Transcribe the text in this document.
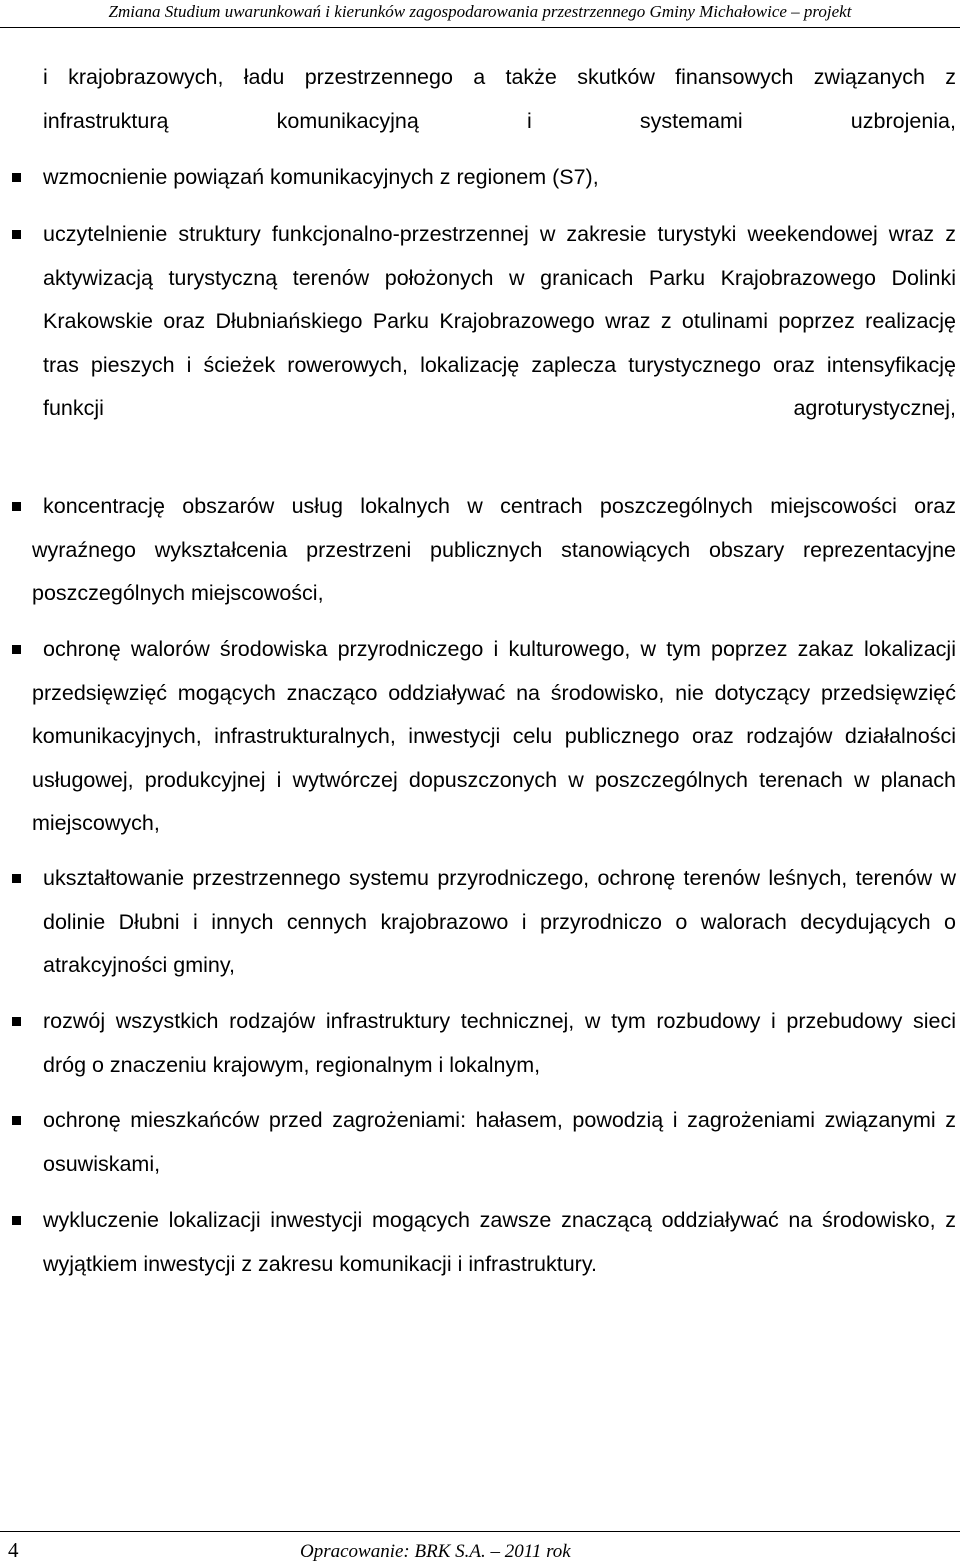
Zmiana Studium uwarunkowań i kierunków zagospodarowania przestrzennego Gminy Michałowice – projekt
i krajobrazowych, ładu przestrzennego a także skutków finansowych związanych z infrastrukturą komunikacyjną i systemami uzbrojenia,
wzmocnienie powiązań komunikacyjnych z regionem (S7),
uczytelnienie struktury funkcjonalno-przestrzennej w zakresie turystyki weekendowej wraz z aktywizacją turystyczną terenów położonych w granicach Parku Krajobrazowego Dolinki Krakowskie oraz Dłubniańskiego Parku Krajobrazowego wraz z otulinami poprzez realizację tras pieszych i ścieżek rowerowych, lokalizację zaplecza turystycznego oraz intensyfikację funkcji agroturystycznej,
koncentrację obszarów usług lokalnych w centrach poszczególnych miejscowości oraz wyraźnego wykształcenia przestrzeni publicznych stanowiących obszary reprezentacyjne poszczególnych miejscowości,
ochronę walorów środowiska przyrodniczego i kulturowego, w tym poprzez zakaz lokalizacji przedsięwzięć mogących znacząco oddziaływać na środowisko, nie dotyczący przedsięwzięć komunikacyjnych, infrastrukturalnych, inwestycji celu publicznego oraz rodzajów działalności usługowej, produkcyjnej i wytwórczej dopuszczonych w poszczególnych terenach w planach miejscowych,
ukształtowanie przestrzennego systemu przyrodniczego, ochronę terenów leśnych, terenów w dolinie Dłubni i innych cennych krajobrazowo i przyrodniczo o walorach decydujących o atrakcyjności gminy,
rozwój wszystkich rodzajów infrastruktury technicznej, w tym rozbudowy i przebudowy sieci dróg o znaczeniu krajowym, regionalnym i lokalnym,
ochronę mieszkańców przed zagrożeniami: hałasem, powodzią i zagrożeniami związanymi z osuwiskami,
wykluczenie lokalizacji inwestycji mogących zawsze znaczącą oddziaływać na środowisko, z wyjątkiem inwestycji z zakresu komunikacji i infrastruktury.
4	Opracowanie: BRK S.A. – 2011 rok
